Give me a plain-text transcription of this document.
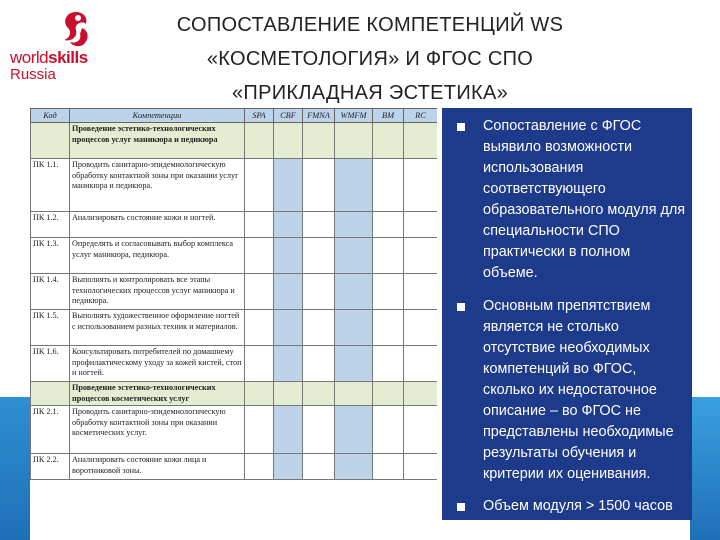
worldskills
Russia
СОПОСТАВЛЕНИЕ КОМПЕТЕНЦИЙ WS
«КОСМЕТОЛОГИЯ» И ФГОС СПО
«ПРИКЛАДНАЯ ЭСТЕТИКА»
Код	Компетенции	SPA	CBF	FMNA	WMFM	BM	RC
	Проведение эстетико-технологических процессов услуг маникюра и педикюра						
ПК 1.1.	Проводить санитарно-эпидемиологическую обработку контактной зоны при оказании услуг маникюра и педикюра.						
ПК 1.2.	Анализировать состояние кожи и ногтей.						
ПК 1.3.	Определять и согласовывать выбор комплекса услуг маникюра, педикюра.						
ПК 1.4.	Выполнять и контролировать все этапы технологических процессов услуг маникюра и педикюра.						
ПК 1.5.	Выполнять художественное оформление ногтей с использованием разных техник и материалов.						
ПК 1.6.	Консультировать потребителей по домашнему профилактическому уходу за кожей кистей, стоп и ногтей.						
	Проведение эстетико-технологических процессов косметических услуг						
ПК 2.1.	Проводить санитарно-эпидемиологическую обработку контактной зоны при оказании косметических услуг.						
ПК 2.2.	Анализировать состояние кожи лица и воротниковой зоны.						
Сопоставление с ФГОС выявило возможности использования соответствующего образовательного модуля для специальности СПО практически в полном объеме.
Основным препятствием является не столько отсутствие необходимых компетенций во ФГОС, сколько их недостаточное описание – во ФГОС не представлены необходимые результаты обучения и критерии их оценивания.
Объем модуля > 1500 часов
